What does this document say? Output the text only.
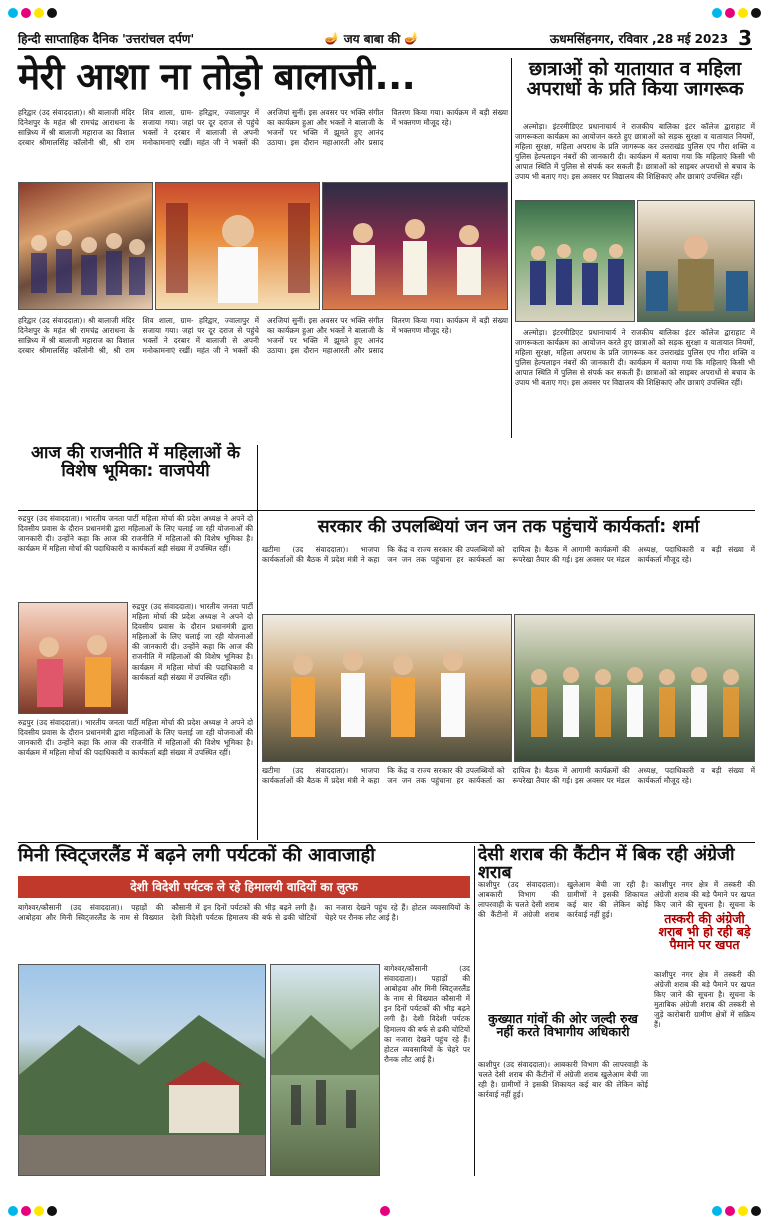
हिन्दी साप्ताहिक दैनिक 'उत्तरांचल दर्पण'	🪔 जय बाबा की 🪔	ऊधमसिंहनगर, रविवार ,28 मई 2023 3
मेरी आशा ना तोड़ो बालाजी...	छात्राओं को यातायात व महिला अपराधों के प्रति किया जागरूक
हरिद्वार (उद संवाददाता)। श्री बालाजी मंदिर दिनेशपुर के महंत श्री रामचंद्र आराधना के सान्निध्य में श्री बालाजी महाराज का विशाल दरबार श्रीमालसिंह कॉलोनी श्री, श्री राम शिव शाला, ग्राम- हरिद्वार, ज्वालापुर में सजाया गया। जहां पर दूर दराज से पहुंचे भक्तों ने दरबार में बालाजी से अपनी मनोकामनाएं रखीं। महंत जी ने भक्तों की अरजियां सुनीं। इस अवसर पर भक्ति संगीत का कार्यक्रम हुआ और भक्तों ने बालाजी के भजनों पर भक्ति में झूमते हुए आनंद उठाया। इस दौरान महाआरती और प्रसाद वितरण किया गया। कार्यक्रम में बड़ी संख्या में भक्तगण मौजूद रहे।
हरिद्वार (उद संवाददाता)। श्री बालाजी मंदिर दिनेशपुर के महंत श्री रामचंद्र आराधना के सान्निध्य में श्री बालाजी महाराज का विशाल दरबार श्रीमालसिंह कॉलोनी श्री, श्री राम शिव शाला, ग्राम- हरिद्वार, ज्वालापुर में सजाया गया। जहां पर दूर दराज से पहुंचे भक्तों ने दरबार में बालाजी से अपनी मनोकामनाएं रखीं। महंत जी ने भक्तों की अरजियां सुनीं। इस अवसर पर भक्ति संगीत का कार्यक्रम हुआ और भक्तों ने बालाजी के भजनों पर भक्ति में झूमते हुए आनंद उठाया। इस दौरान महाआरती और प्रसाद वितरण किया गया। कार्यक्रम में बड़ी संख्या में भक्तगण मौजूद रहे।
अल्मोड़ा। इंटरमीडिएट प्रधानाचार्य ने राजकीय बालिका इंटर कॉलेज द्वाराहाट में जागरूकता कार्यक्रम का आयोजन करते हुए छात्राओं को सड़क सुरक्षा व यातायात नियमों, महिला सुरक्षा, महिला अपराध के प्रति जागरूक कर उत्तराखंड पुलिस एप गौरा शक्ति व पुलिस हेल्पलाइन नंबरों की जानकारी दी। कार्यक्रम में बताया गया कि महिलाएं किसी भी आपात स्थिति में पुलिस से संपर्क कर सकती हैं। छात्राओं को साइबर अपराधों से बचाव के उपाय भी बताए गए। इस अवसर पर विद्यालय की शिक्षिकाएं और छात्राएं उपस्थित रहीं।
अल्मोड़ा। इंटरमीडिएट प्रधानाचार्य ने राजकीय बालिका इंटर कॉलेज द्वाराहाट में जागरूकता कार्यक्रम का आयोजन करते हुए छात्राओं को सड़क सुरक्षा व यातायात नियमों, महिला सुरक्षा, महिला अपराध के प्रति जागरूक कर उत्तराखंड पुलिस एप गौरा शक्ति व पुलिस हेल्पलाइन नंबरों की जानकारी दी। कार्यक्रम में बताया गया कि महिलाएं किसी भी आपात स्थिति में पुलिस से संपर्क कर सकती हैं। छात्राओं को साइबर अपराधों से बचाव के उपाय भी बताए गए। इस अवसर पर विद्यालय की शिक्षिकाएं और छात्राएं उपस्थित रहीं।
आज की राजनीति में महिलाओं के विशेष भूमिका: वाजपेयी
रुद्रपुर (उद संवाददाता)। भारतीय जनता पार्टी महिला मोर्चा की प्रदेश अध्यक्ष ने अपने दो दिवसीय प्रवास के दौरान प्रधानमंत्री द्वारा महिलाओं के लिए चलाई जा रही योजनाओं की जानकारी दी। उन्होंने कहा कि आज की राजनीति में महिलाओं की विशेष भूमिका है। कार्यक्रम में महिला मोर्चा की पदाधिकारी व कार्यकर्ता बड़ी संख्या में उपस्थित रहीं।
रुद्रपुर (उद संवाददाता)। भारतीय जनता पार्टी महिला मोर्चा की प्रदेश अध्यक्ष ने अपने दो दिवसीय प्रवास के दौरान प्रधानमंत्री द्वारा महिलाओं के लिए चलाई जा रही योजनाओं की जानकारी दी। उन्होंने कहा कि आज की राजनीति में महिलाओं की विशेष भूमिका है। कार्यक्रम में महिला मोर्चा की पदाधिकारी व कार्यकर्ता बड़ी संख्या में उपस्थित रहीं।
रुद्रपुर (उद संवाददाता)। भारतीय जनता पार्टी महिला मोर्चा की प्रदेश अध्यक्ष ने अपने दो दिवसीय प्रवास के दौरान प्रधानमंत्री द्वारा महिलाओं के लिए चलाई जा रही योजनाओं की जानकारी दी। उन्होंने कहा कि आज की राजनीति में महिलाओं की विशेष भूमिका है। कार्यक्रम में महिला मोर्चा की पदाधिकारी व कार्यकर्ता बड़ी संख्या में उपस्थित रहीं।
सरकार की उपलब्धियां जन जन तक पहुंचायें कार्यकर्ता: शर्मा
खटीमा (उद संवाददाता)। भाजपा कार्यकर्ताओं की बैठक में प्रदेश मंत्री ने कहा कि केंद्र व राज्य सरकार की उपलब्धियों को जन जन तक पहुंचाना हर कार्यकर्ता का दायित्व है। बैठक में आगामी कार्यक्रमों की रूपरेखा तैयार की गई। इस अवसर पर मंडल अध्यक्ष, पदाधिकारी व बड़ी संख्या में कार्यकर्ता मौजूद रहे।
खटीमा (उद संवाददाता)। भाजपा कार्यकर्ताओं की बैठक में प्रदेश मंत्री ने कहा कि केंद्र व राज्य सरकार की उपलब्धियों को जन जन तक पहुंचाना हर कार्यकर्ता का दायित्व है। बैठक में आगामी कार्यक्रमों की रूपरेखा तैयार की गई। इस अवसर पर मंडल अध्यक्ष, पदाधिकारी व बड़ी संख्या में कार्यकर्ता मौजूद रहे।
मिनी स्विट्जरलैंड में बढ़ने लगी पर्यटकों की आवाजाही
देशी विदेशी पर्यटक ले रहे हिमालयी वादियों का लुत्फ
बागेश्वर/कौसानी (उद संवाददाता)। पहाड़ों की आबोहवा और मिनी स्विट्जरलैंड के नाम से विख्यात कौसानी में इन दिनों पर्यटकों की भीड़ बढ़ने लगी है। देशी विदेशी पर्यटक हिमालय की बर्फ से ढकी चोटियों का नजारा देखने पहुंच रहे हैं। होटल व्यवसायियों के चेहरे पर रौनक लौट आई है।
बागेश्वर/कौसानी (उद संवाददाता)। पहाड़ों की आबोहवा और मिनी स्विट्जरलैंड के नाम से विख्यात कौसानी में इन दिनों पर्यटकों की भीड़ बढ़ने लगी है। देशी विदेशी पर्यटक हिमालय की बर्फ से ढकी चोटियों का नजारा देखने पहुंच रहे हैं। होटल व्यवसायियों के चेहरे पर रौनक लौट आई है।
देसी शराब की कैंटीन में बिक रही अंग्रेजी शराब
काशीपुर (उद संवाददाता)। आबकारी विभाग की लापरवाही के चलते देसी शराब की कैंटीनों में अंग्रेजी शराब खुलेआम बेची जा रही है। ग्रामीणों ने इसकी शिकायत कई बार की लेकिन कोई कार्रवाई नहीं हुई।
कुख्यात गांवों की ओर जल्दी रुख नहीं करते विभागीय अधिकारी
काशीपुर (उद संवाददाता)। आबकारी विभाग की लापरवाही के चलते देसी शराब की कैंटीनों में अंग्रेजी शराब खुलेआम बेची जा रही है। ग्रामीणों ने इसकी शिकायत कई बार की लेकिन कोई कार्रवाई नहीं हुई।
काशीपुर नगर क्षेत्र में तस्करी की अंग्रेजी शराब की बड़े पैमाने पर खपत किए जाने की सूचना है। सूचना के
तस्करी की अंग्रेजी शराब भी हो रही बड़े पैमाने पर खपत
काशीपुर नगर क्षेत्र में तस्करी की अंग्रेजी शराब की बड़े पैमाने पर खपत किए जाने की सूचना है। सूचना के मुताबिक अंग्रेजी शराब की तस्करी से जुड़े कारोबारी ग्रामीण क्षेत्रों में सक्रिय हैं।
